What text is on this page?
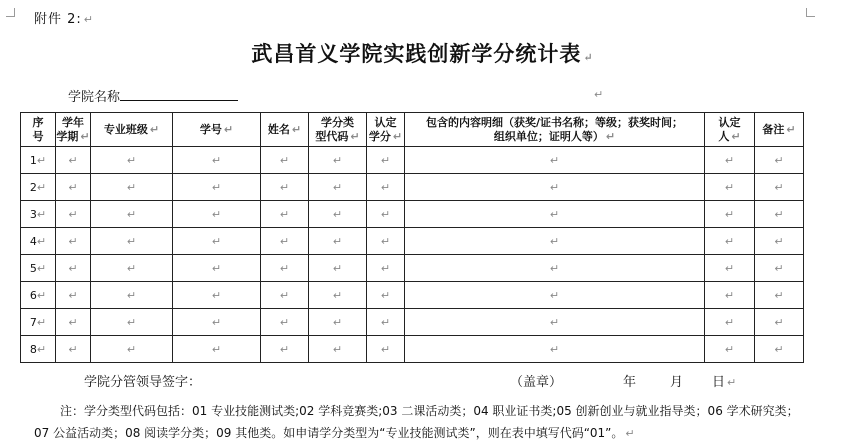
附件 2: ↵
武昌首义学院实践创新学分统计表 ↵
学院名称	↵
序
号	学年
学期 ↵	专业班级 ↵	学号 ↵	姓名 ↵	学分类
型代码 ↵	认定
学分 ↵	包含的内容明细（获奖/证书名称；等级；获奖时间；
组织单位；证明人等） ↵	认定
人 ↵	备注 ↵
1↵	↵	↵	↵	↵	↵	↵	↵	↵	↵
2↵	↵	↵	↵	↵	↵	↵	↵	↵	↵
3↵	↵	↵	↵	↵	↵	↵	↵	↵	↵
4↵	↵	↵	↵	↵	↵	↵	↵	↵	↵
5↵	↵	↵	↵	↵	↵	↵	↵	↵	↵
6↵	↵	↵	↵	↵	↵	↵	↵	↵	↵
7↵	↵	↵	↵	↵	↵	↵	↵	↵	↵
8↵	↵	↵	↵	↵	↵	↵	↵	↵	↵
学院分管领导签字：	（盖章）	年	月 日 ↵
注：学分类型代码包括：01 专业技能测试类;02 学科竞赛类;03 二课活动类；04 职业证书类;05 创新创业与就业指导类；06 学术研究类；07 公益活动类；08 阅读学分类；09 其他类。如申请学分类型为“专业技能测试类”，则在表中填写代码“01”。 ↵
